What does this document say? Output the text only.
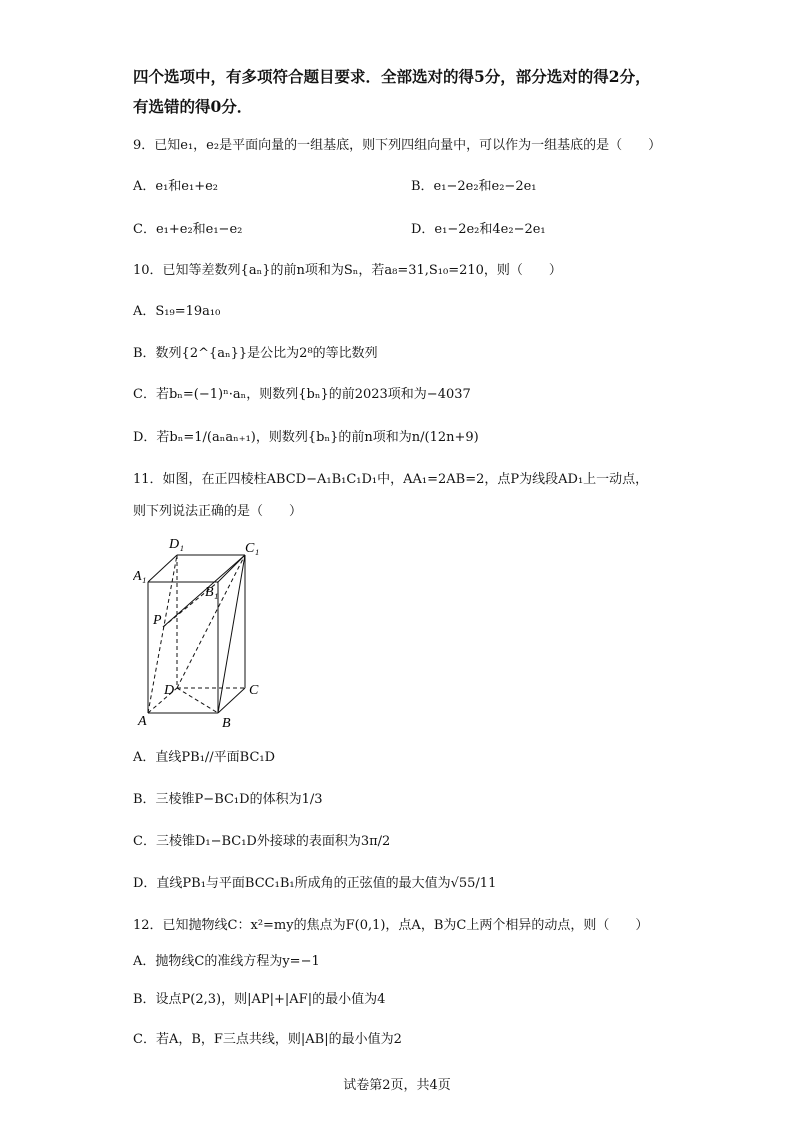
四个选项中，有多项符合题目要求．全部选对的得5分，部分选对的得2分，
有选错的得0分．
9．已知e₁，e₂是平面向量的一组基底，则下列四组向量中，可以作为一组基底的是（　　）
A．e₁和e₁+e₂	B．e₁−2e₂和e₂−2e₁
C．e₁+e₂和e₁−e₂	D．e₁−2e₂和4e₂−2e₁
10．已知等差数列{aₙ}的前n项和为Sₙ，若a₈=31,S₁₀=210，则（　　）
A．S₁₉=19a₁₀
B．数列{2^{aₙ}}是公比为2⁸的等比数列
C．若bₙ=(−1)ⁿ·aₙ，则数列{bₙ}的前2023项和为−4037
D．若bₙ=1/(aₙaₙ₊₁)，则数列{bₙ}的前n项和为n/(12n+9)
11．如图，在正四棱柱ABCD−A₁B₁C₁D₁中，AA₁=2AB=2，点P为线段AD₁上一动点，
则下列说法正确的是（　　）
D₁	C₁
A₁
B₁
P
D	C
A	B
A．直线PB₁//平面BC₁D
B．三棱锥P−BC₁D的体积为1/3
C．三棱锥D₁−BC₁D外接球的表面积为3π/2
D．直线PB₁与平面BCC₁B₁所成角的正弦值的最大值为√55/11
12．已知抛物线C：x²=my的焦点为F(0,1)，点A，B为C上两个相异的动点，则（　　）
A．抛物线C的准线方程为y=−1
B．设点P(2,3)，则|AP|+|AF|的最小值为4
C．若A，B，F三点共线，则|AB|的最小值为2
试卷第2页，共4页
